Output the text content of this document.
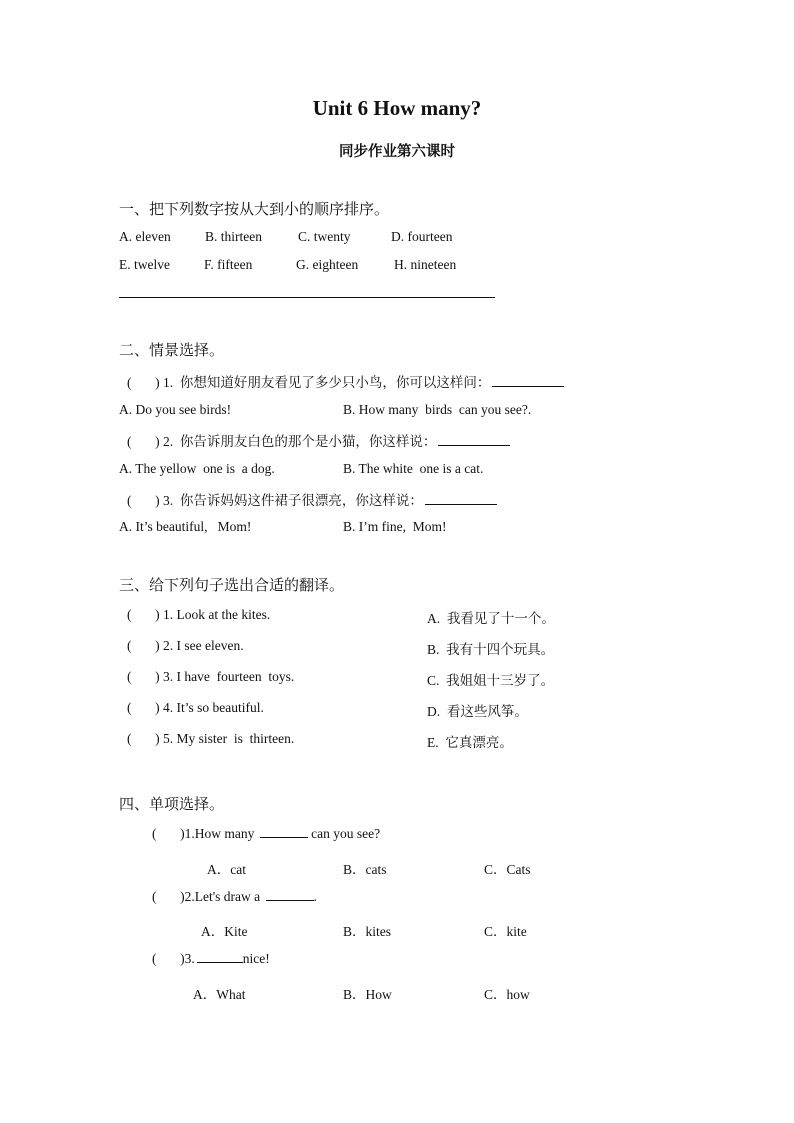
Unit 6 How many?
同步作业第六课时
一、把下列数字按从大到小的顺序排序。
A. eleven	B. thirteen	C. twenty	D. fourteen
E. twelve	F. fifteen	G. eighteen	H. nineteen
二、情景选择。
(       ) 1.  你想知道好朋友看见了多少只小鸟，你可以这样问：
A. Do you see birds!	B. How many  birds  can you see?.
(       ) 2.  你告诉朋友白色的那个是小猫，你这样说：
A. The yellow  one is  a dog.	B. The white  one is a cat.
(       ) 3.  你告诉妈妈这件裙子很漂亮，你这样说：
A. It’s beautiful,   Mom!	B. I’m fine,  Mom!
三、给下列句子选出合适的翻译。
(       ) 1. Look at the kites.	A.  我看见了十一个。
(       ) 2. I see eleven.	B.  我有十四个玩具。
(       ) 3. I have  fourteen  toys.	C.  我姐姐十三岁了。
(       ) 4. It’s so beautiful.	D.  看这些风筝。
(       ) 5. My sister  is  thirteen.	E.  它真漂亮。
四、单项选择。
(       )1.How many	can you see?
A．cat	B．cats	C．Cats
(       )2.Let's draw a	.
A．Kite	B．kites	C．kite
(       )3.	nice!
A．What	B．How	C．how
